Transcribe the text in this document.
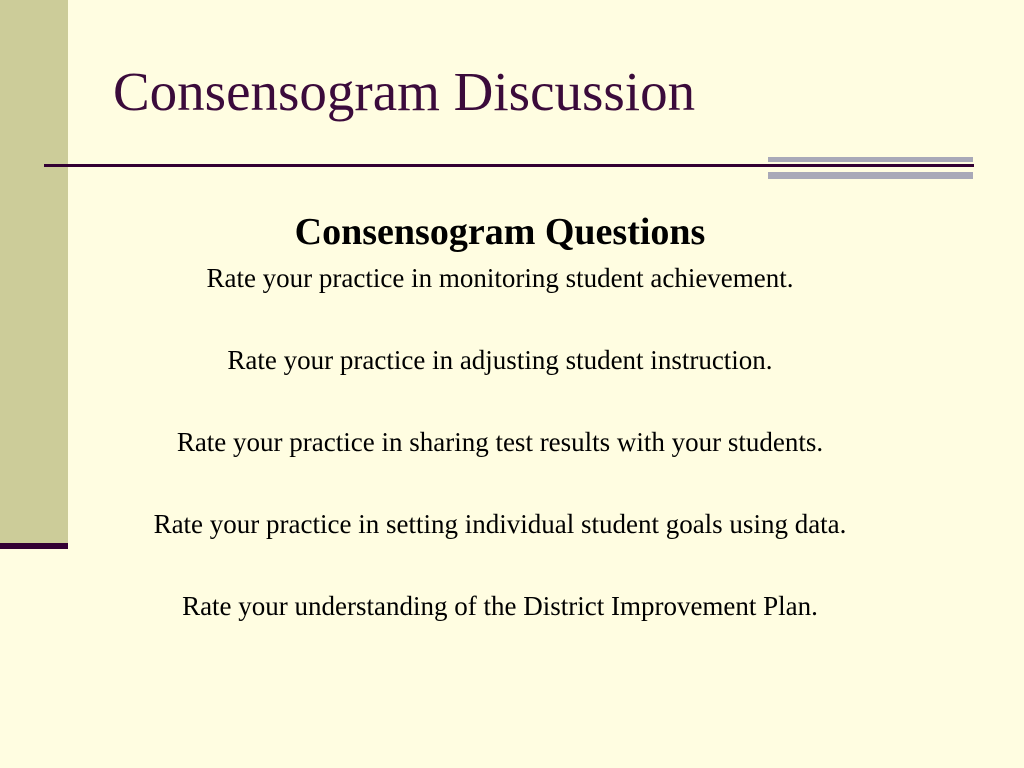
Consensogram Discussion

Consensogram Questions

Rate your practice in monitoring student achievement.

Rate your practice in adjusting student instruction.

Rate your practice in sharing test results with your students.

Rate your practice in setting individual student goals using data.

Rate your understanding of the District Improvement Plan.
